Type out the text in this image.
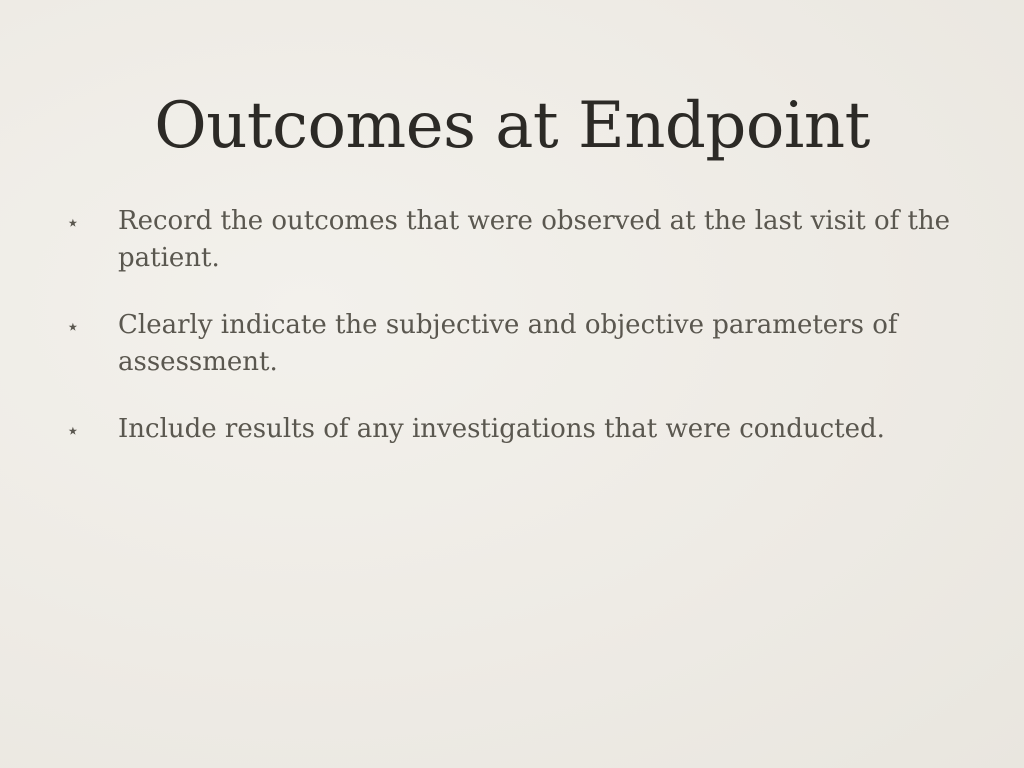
Outcomes at Endpoint
⋆ Record the outcomes that were observed at the last visit of the patient.
⋆ Clearly indicate the subjective and objective parameters of assessment.
⋆ Include results of any investigations that were conducted.
